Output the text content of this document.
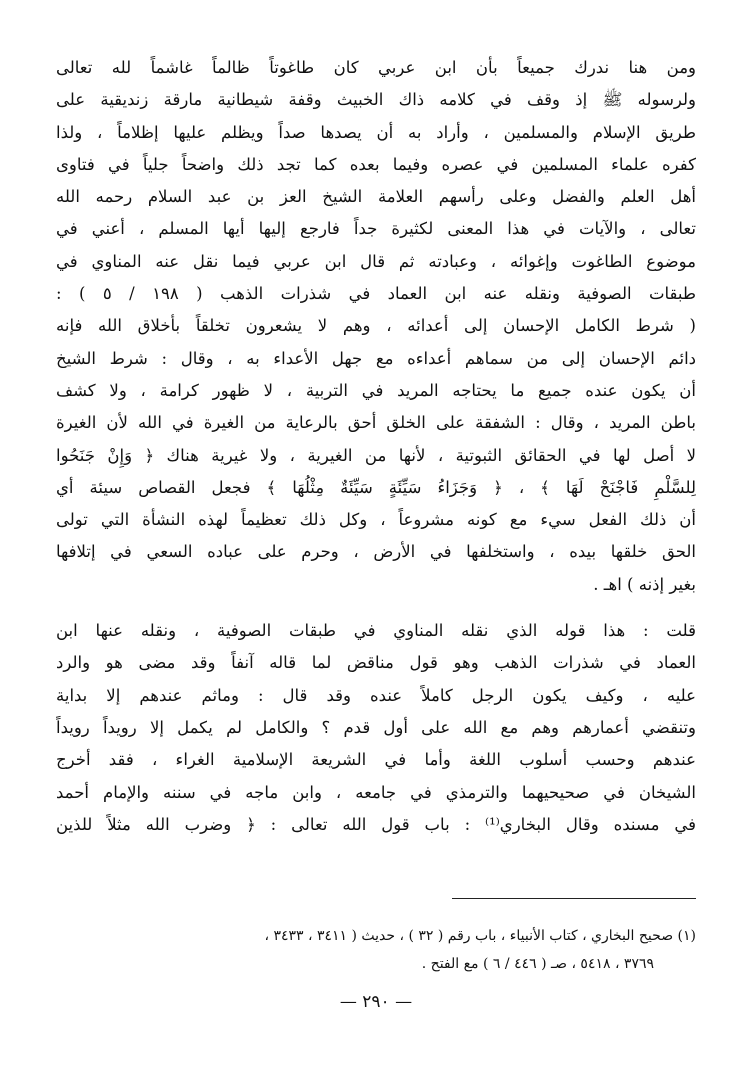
ومن هنا ندرك جميعاً بأن ابن عربي كان طاغوتاً ظالماً غاشماً لله تعالى
ولرسوله ﷺ إذ وقف في كلامه ذاك الخبيث وقفة شيطانية مارقة زنديقية على
طريق الإسلام والمسلمين ، وأراد به أن يصدها صداً ويظلم عليها إظلاماً ، ولذا
كفره علماء المسلمين في عصره وفيما بعده كما تجد ذلك واضحاً جلياً في فتاوى
أهل العلم والفضل وعلى رأسهم العلامة الشيخ العز بن عبد السلام رحمه الله
تعالى ، والآيات في هذا المعنى لكثيرة جداً فارجع إليها أيها المسلم ، أعني في
موضوع الطاغوت وإغوائه ، وعبادته ثم قال ابن عربي فيما نقل عنه المناوي في
طبقات الصوفية ونقله عنه ابن العماد في شذرات الذهب ( ١٩٨ / ٥ ) :
( شرط الكامل الإحسان إلى أعدائه ، وهم لا يشعرون تخلقاً بأخلاق الله فإنه
دائم الإحسان إلى من سماهم أعداءه مع جهل الأعداء به ، وقال : شرط الشيخ
أن يكون عنده جميع ما يحتاجه المريد في التربية ، لا ظهور كرامة ، ولا كشف
باطن المريد ، وقال : الشفقة على الخلق أحق بالرعاية من الغيرة في الله لأن الغيرة
لا أصل لها في الحقائق الثبوتية ، لأنها من الغيرية ، ولا غيرية هناك ﴿ وَإِنْ جَنَحُوا
لِلسَّلْمِ فَاجْنَحْ لَهَا ﴾ ، ﴿ وَجَزَاءُ سَيِّئَةٍ سَيِّئَةٌ مِثْلُهَا ﴾ فجعل القصاص سيئة أي
أن ذلك الفعل سيء مع كونه مشروعاً ، وكل ذلك تعظيماً لهذه النشأة التي تولى
الحق خلقها بيده ، واستخلفها في الأرض ، وحرم على عباده السعي في إتلافها
بغير إذنه ) اهـ .
قلت : هذا قوله الذي نقله المناوي في طبقات الصوفية ، ونقله عنها ابن
العماد في شذرات الذهب وهو قول مناقض لما قاله آنفاً وقد مضى هو والرد
عليه ، وكيف يكون الرجل كاملاً عنده وقد قال : وماثم عندهم إلا بداية
وتنقضي أعمارهم وهم مع الله على أول قدم ؟ والكامل لم يكمل إلا رويداً رويداً
عندهم وحسب أسلوب اللغة وأما في الشريعة الإسلامية الغراء ، فقد أخرج
الشيخان في صحيحيهما والترمذي في جامعه ، وابن ماجه في سننه والإمام أحمد
في مسنده وقال البخاري⁽¹⁾ : باب قول الله تعالى : ﴿ وضرب الله مثلاً للذين
(١) صحيح البخاري ، كتاب الأنبياء ، باب رقم ( ٣٢ ) ، حديث ( ٣٤١١ ، ٣٤٣٣ ،
٣٧٦٩ ، ٥٤١٨ ، صـ ( ٤٤٦ / ٦ ) مع الفتح .
— ٢٩٠ —
